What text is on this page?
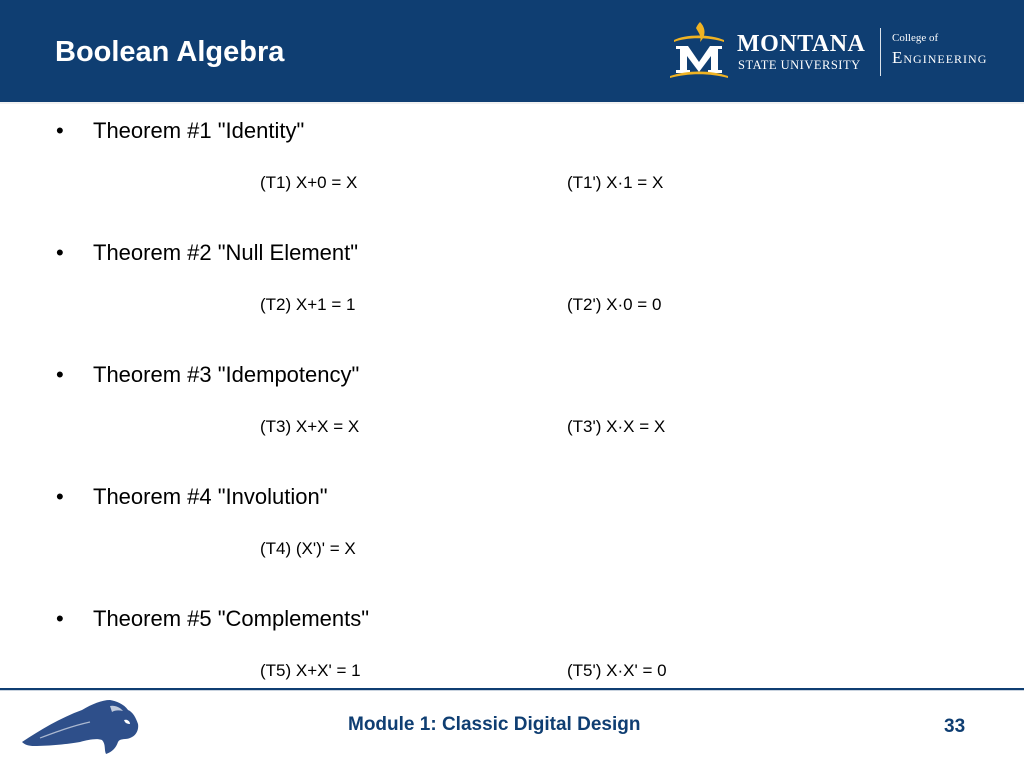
Boolean Algebra	MONTANA
STATE UNIVERSITY
College of
Engineering
• Theorem #1 "Identity"
(T1) X+0 = X	(T1') X·1 = X
• Theorem #2 "Null Element"
(T2) X+1 = 1	(T2') X·0 = 0
• Theorem #3 "Idempotency"
(T3) X+X = X	(T3') X·X = X
• Theorem #4 "Involution"
(T4) (X')' = X
• Theorem #5 "Complements"
(T5) X+X' = 1	(T5') X·X' = 0
Module 1: Classic Digital Design	33
